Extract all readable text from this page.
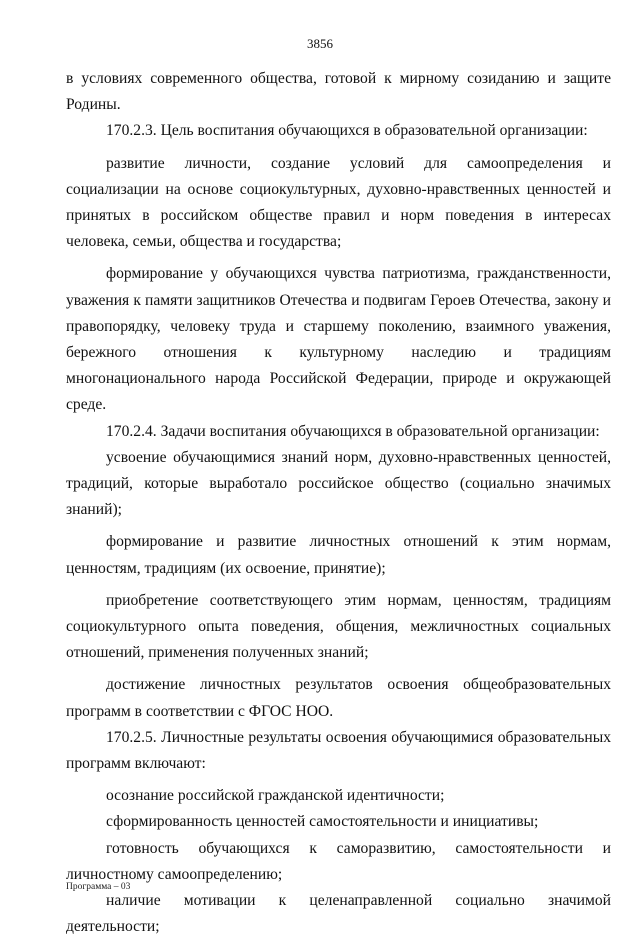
3856

в условиях современного общества, готовой к мирному созиданию и защите Родины.

170.2.3. Цель воспитания обучающихся в образовательной организации:

развитие личности, создание условий для самоопределения и социализации на основе социокультурных, духовно-нравственных ценностей и принятых в российском обществе правил и норм поведения в интересах человека, семьи, общества и государства;

формирование у обучающихся чувства патриотизма, гражданственности, уважения к памяти защитников Отечества и подвигам Героев Отечества, закону и правопорядку, человеку труда и старшему поколению, взаимного уважения, бережного отношения к культурному наследию и традициям многонационального народа Российской Федерации, природе и окружающей среде.

170.2.4. Задачи воспитания обучающихся в образовательной организации:

усвоение обучающимися знаний норм, духовно-нравственных ценностей, традиций, которые выработало российское общество (социально значимых знаний);

формирование и развитие личностных отношений к этим нормам, ценностям, традициям (их освоение, принятие);

приобретение соответствующего этим нормам, ценностям, традициям социокультурного опыта поведения, общения, межличностных социальных отношений, применения полученных знаний;

достижение личностных результатов освоения общеобразовательных программ в соответствии с ФГОС НОО.

170.2.5. Личностные результаты освоения обучающимися образовательных программ включают:

осознание российской гражданской идентичности;

сформированность ценностей самостоятельности и инициативы;

готовность обучающихся к саморазвитию, самостоятельности и личностному самоопределению;

наличие мотивации к целенаправленной социально значимой деятельности;

Программа – 03
